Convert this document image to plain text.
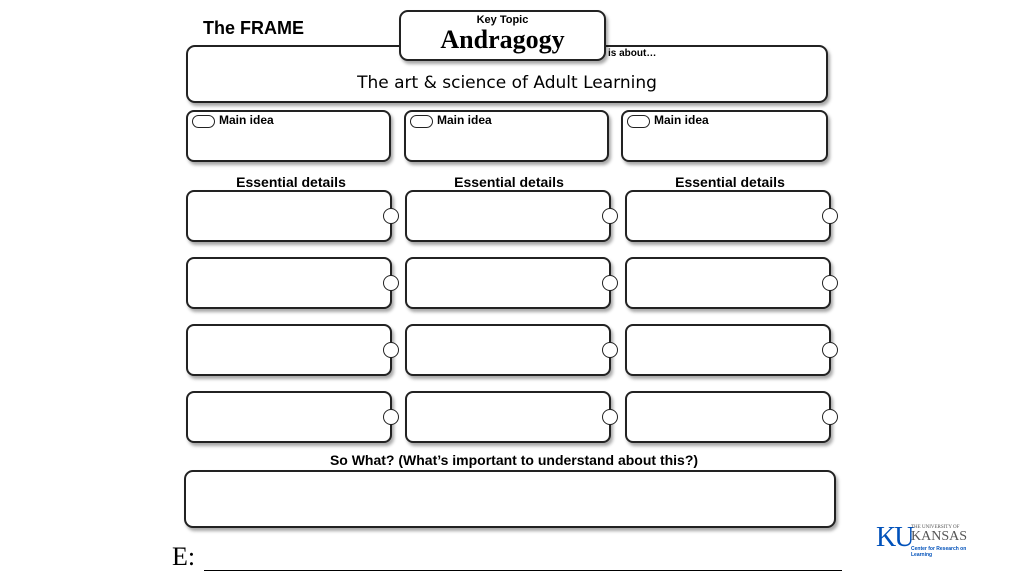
The FRAME	Key Topic
Andragogy	is about…
The art & science of Adult Learning
Main idea	Main idea	Main idea
Essential details	Essential details	Essential details
So What? (What’s important to understand about this?)
E:
KU
THE UNIVERSITY OF
KANSAS
Center for Research on Learning
